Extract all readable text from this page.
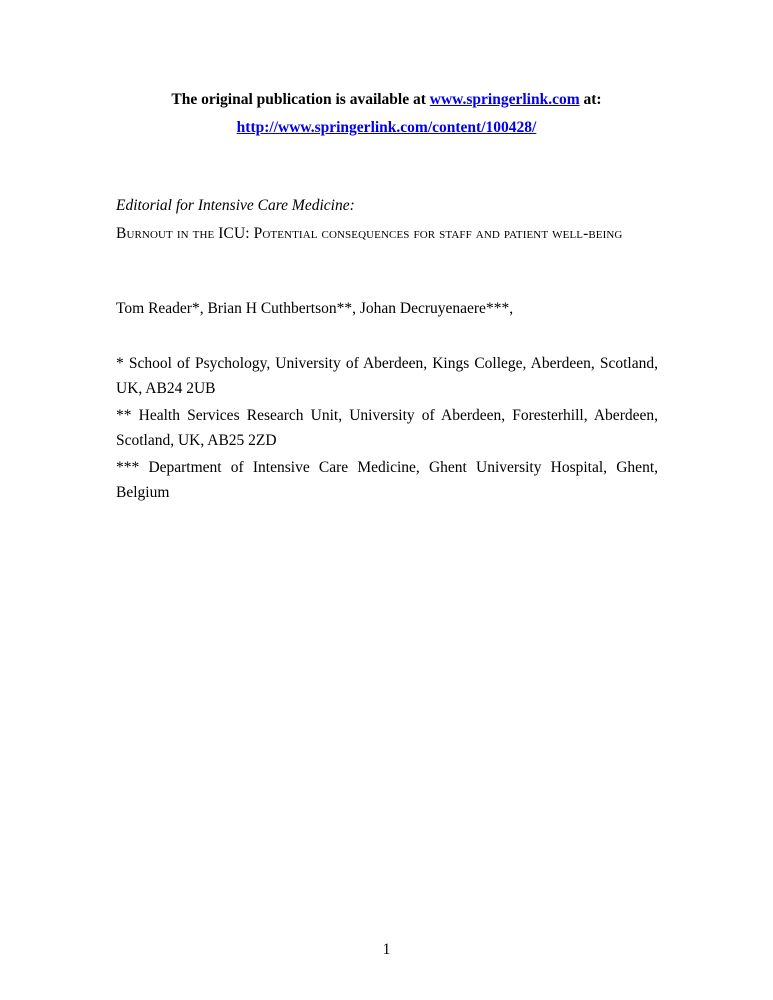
The original publication is available at www.springerlink.com at:
http://www.springerlink.com/content/100428/
Editorial for Intensive Care Medicine:
Burnout in the ICU: Potential consequences for staff and patient well-being
Tom Reader*, Brian H Cuthbertson**, Johan Decruyenaere***,
* School of Psychology, University of Aberdeen, Kings College, Aberdeen, Scotland, UK, AB24 2UB
** Health Services Research Unit, University of Aberdeen, Foresterhill, Aberdeen, Scotland, UK, AB25 2ZD
*** Department of Intensive Care Medicine, Ghent University Hospital, Ghent, Belgium
1
